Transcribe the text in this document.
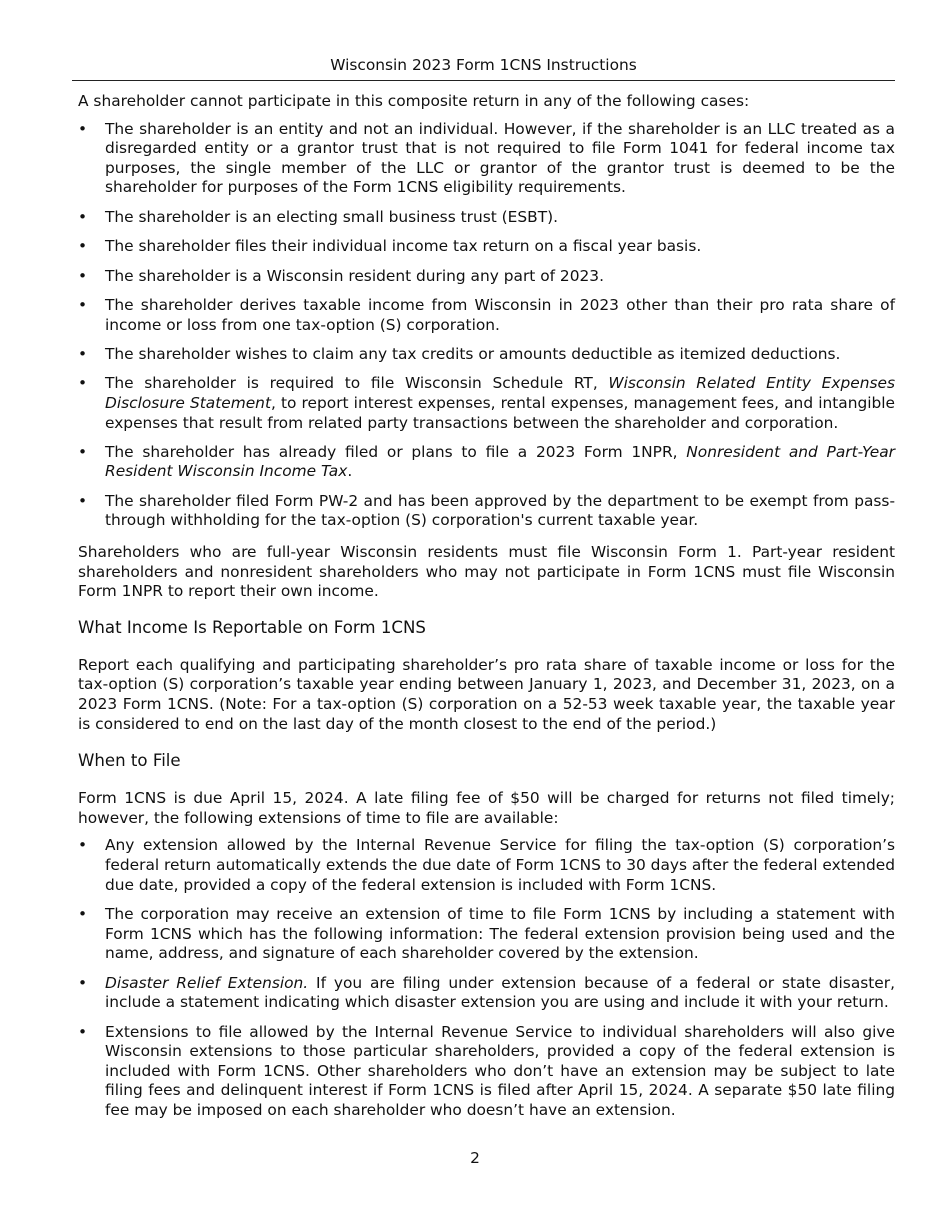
Wisconsin 2023 Form 1CNS Instructions

A shareholder cannot participate in this composite return in any of the following cases:

• The shareholder is an entity and not an individual. However, if the shareholder is an LLC treated as a disregarded entity or a grantor trust that is not required to file Form 1041 for federal income tax purposes, the single member of the LLC or grantor of the grantor trust is deemed to be the shareholder for purposes of the Form 1CNS eligibility requirements.
• The shareholder is an electing small business trust (ESBT).
• The shareholder files their individual income tax return on a fiscal year basis.
• The shareholder is a Wisconsin resident during any part of 2023.
• The shareholder derives taxable income from Wisconsin in 2023 other than their pro rata share of income or loss from one tax-option (S) corporation.
• The shareholder wishes to claim any tax credits or amounts deductible as itemized deductions.
• The shareholder is required to file Wisconsin Schedule RT, Wisconsin Related Entity Expenses Disclosure Statement, to report interest expenses, rental expenses, management fees, and intangible expenses that result from related party transactions between the shareholder and corporation.
• The shareholder has already filed or plans to file a 2023 Form 1NPR, Nonresident and Part-Year Resident Wisconsin Income Tax.
• The shareholder filed Form PW-2 and has been approved by the department to be exempt from pass-through withholding for the tax-option (S) corporation's current taxable year.

Shareholders who are full-year Wisconsin residents must file Wisconsin Form 1. Part-year resident shareholders and nonresident shareholders who may not participate in Form 1CNS must file Wisconsin Form 1NPR to report their own income.

What Income Is Reportable on Form 1CNS

Report each qualifying and participating shareholder’s pro rata share of taxable income or loss for the tax-option (S) corporation’s taxable year ending between January 1, 2023, and December 31, 2023, on a 2023 Form 1CNS. (Note: For a tax-option (S) corporation on a 52-53 week taxable year, the taxable year is considered to end on the last day of the month closest to the end of the period.)

When to File

Form 1CNS is due April 15, 2024. A late filing fee of $50 will be charged for returns not filed timely; however, the following extensions of time to file are available:

• Any extension allowed by the Internal Revenue Service for filing the tax-option (S) corporation’s federal return automatically extends the due date of Form 1CNS to 30 days after the federal extended due date, provided a copy of the federal extension is included with Form 1CNS.
• The corporation may receive an extension of time to file Form 1CNS by including a statement with Form 1CNS which has the following information: The federal extension provision being used and the name, address, and signature of each shareholder covered by the extension.
• Disaster Relief Extension. If you are filing under extension because of a federal or state disaster, include a statement indicating which disaster extension you are using and include it with your return.
• Extensions to file allowed by the Internal Revenue Service to individual shareholders will also give Wisconsin extensions to those particular shareholders, provided a copy of the federal extension is included with Form 1CNS. Other shareholders who don’t have an extension may be subject to late filing fees and delinquent interest if Form 1CNS is filed after April 15, 2024. A separate $50 late filing fee may be imposed on each shareholder who doesn’t have an extension.
2
